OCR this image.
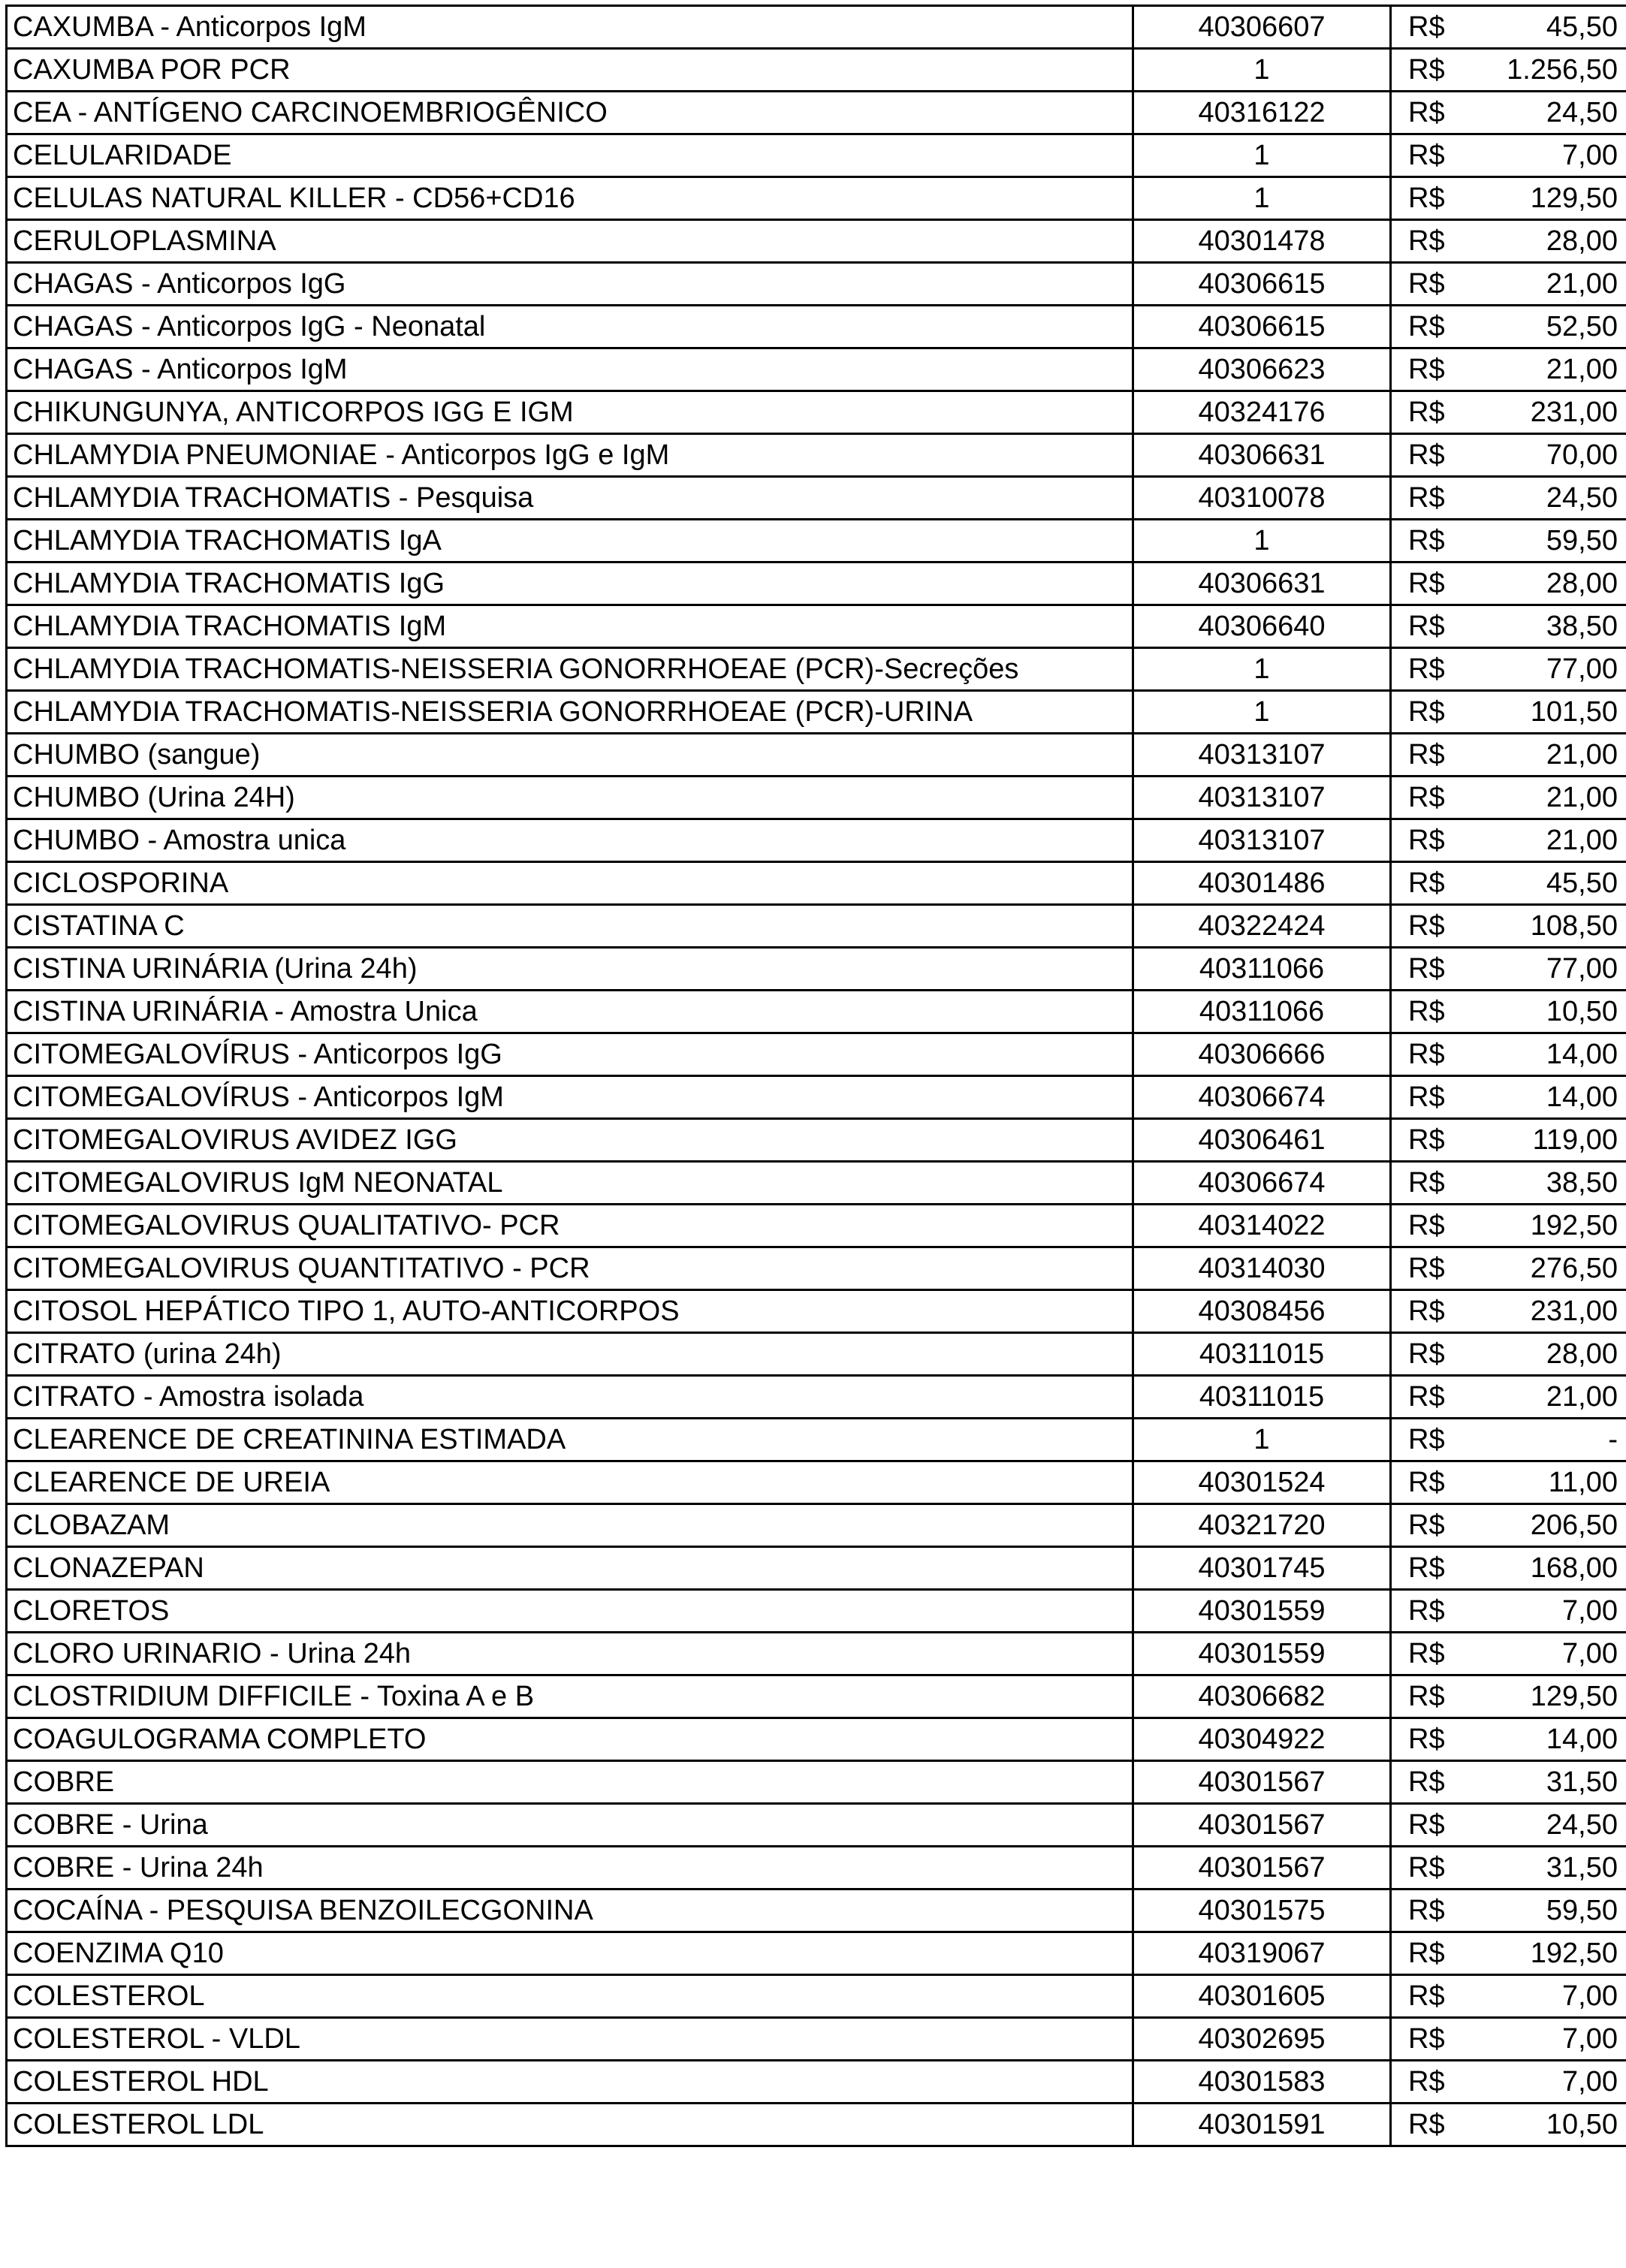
CAXUMBA - Anticorpos IgM	40306607	R$ 45,50

CAXUMBA POR PCR	1	R$ 1.256,50

CEA - ANTÍGENO CARCINOEMBRIOGÊNICO	40316122	R$ 24,50

CELULARIDADE	1	R$ 7,00

CELULAS NATURAL KILLER - CD56+CD16	1	R$ 129,50

CERULOPLASMINA	40301478	R$ 28,00

CHAGAS - Anticorpos IgG	40306615	R$ 21,00

CHAGAS - Anticorpos IgG - Neonatal	40306615	R$ 52,50

CHAGAS - Anticorpos IgM	40306623	R$ 21,00

CHIKUNGUNYA, ANTICORPOS IGG E IGM	40324176	R$ 231,00

CHLAMYDIA PNEUMONIAE - Anticorpos IgG e IgM	40306631	R$ 70,00

CHLAMYDIA TRACHOMATIS - Pesquisa	40310078	R$ 24,50

CHLAMYDIA TRACHOMATIS IgA	1	R$ 59,50

CHLAMYDIA TRACHOMATIS IgG	40306631	R$ 28,00

CHLAMYDIA TRACHOMATIS IgM	40306640	R$ 38,50

CHLAMYDIA TRACHOMATIS-NEISSERIA GONORRHOEAE (PCR)-Secreções	1	R$ 77,00

CHLAMYDIA TRACHOMATIS-NEISSERIA GONORRHOEAE (PCR)-URINA	1	R$ 101,50

CHUMBO (sangue)	40313107	R$ 21,00

CHUMBO (Urina 24H)	40313107	R$ 21,00

CHUMBO - Amostra unica	40313107	R$ 21,00

CICLOSPORINA	40301486	R$ 45,50

CISTATINA C	40322424	R$ 108,50

CISTINA URINÁRIA (Urina 24h)	40311066	R$ 77,00

CISTINA URINÁRIA - Amostra Unica	40311066	R$ 10,50

CITOMEGALOVÍRUS - Anticorpos IgG	40306666	R$ 14,00

CITOMEGALOVÍRUS - Anticorpos IgM	40306674	R$ 14,00

CITOMEGALOVIRUS AVIDEZ IGG	40306461	R$ 119,00

CITOMEGALOVIRUS IgM NEONATAL	40306674	R$ 38,50

CITOMEGALOVIRUS QUALITATIVO- PCR	40314022	R$ 192,50

CITOMEGALOVIRUS QUANTITATIVO - PCR	40314030	R$ 276,50

CITOSOL HEPÁTICO TIPO 1, AUTO-ANTICORPOS	40308456	R$ 231,00

CITRATO (urina 24h)	40311015	R$ 28,00

CITRATO - Amostra isolada	40311015	R$ 21,00

CLEARENCE DE CREATININA ESTIMADA	1	R$ -

CLEARENCE DE UREIA	40301524	R$ 11,00

CLOBAZAM	40321720	R$ 206,50

CLONAZEPAN	40301745	R$ 168,00

CLORETOS	40301559	R$ 7,00

CLORO URINARIO - Urina 24h	40301559	R$ 7,00

CLOSTRIDIUM DIFFICILE - Toxina A e B	40306682	R$ 129,50

COAGULOGRAMA COMPLETO	40304922	R$ 14,00

COBRE	40301567	R$ 31,50

COBRE - Urina	40301567	R$ 24,50

COBRE - Urina 24h	40301567	R$ 31,50

COCAÍNA - PESQUISA BENZOILECGONINA	40301575	R$ 59,50

COENZIMA Q10	40319067	R$ 192,50

COLESTEROL	40301605	R$ 7,00

COLESTEROL - VLDL	40302695	R$ 7,00

COLESTEROL HDL	40301583	R$ 7,00

COLESTEROL LDL	40301591	R$ 10,50
